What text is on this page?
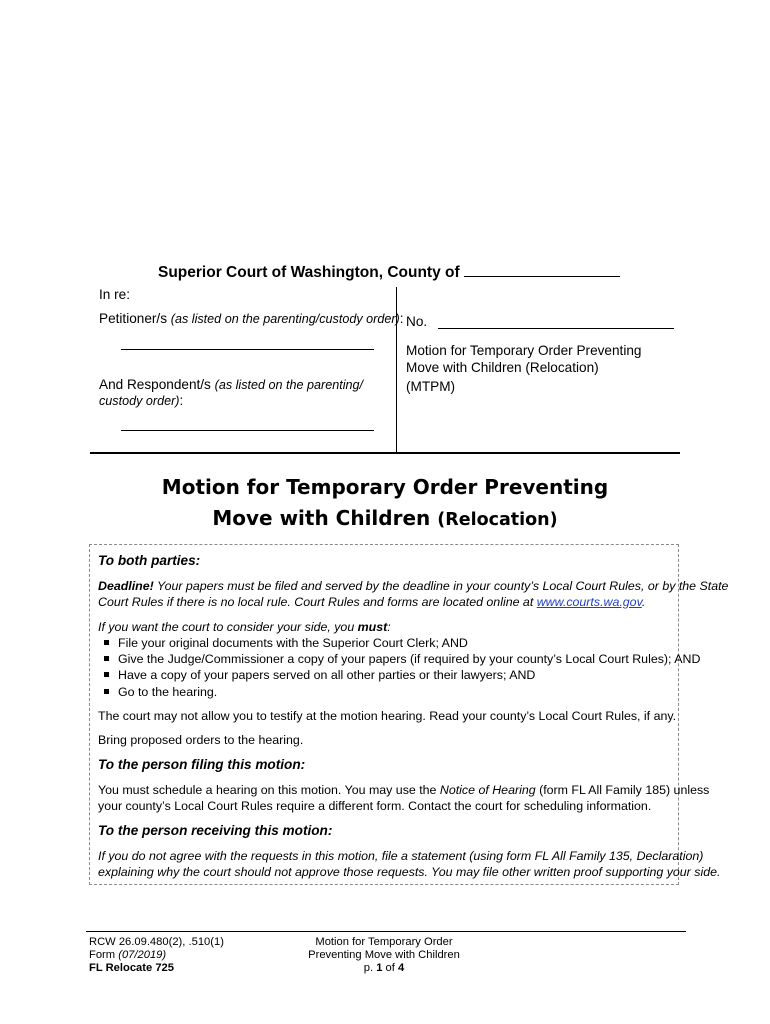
Superior Court of Washington, County of
In re:
Petitioner/s (as listed on the parenting/custody order):
And Respondent/s (as listed on the parenting/
custody order):
No.
Motion for Temporary Order Preventing
Move with Children (Relocation)
(MTPM)
Motion for Temporary Order Preventing
Move with Children (Relocation)
To both parties:
Deadline! Your papers must be filed and served by the deadline in your county’s Local Court Rules, or by the State
Court Rules if there is no local rule. Court Rules and forms are located online at www.courts.wa.gov.
If you want the court to consider your side, you must:
File your original documents with the Superior Court Clerk; AND
Give the Judge/Commissioner a copy of your papers (if required by your county’s Local Court Rules); AND
Have a copy of your papers served on all other parties or their lawyers; AND
Go to the hearing.
The court may not allow you to testify at the motion hearing. Read your county’s Local Court Rules, if any.
Bring proposed orders to the hearing.
To the person filing this motion:
You must schedule a hearing on this motion. You may use the Notice of Hearing (form FL All Family 185) unless
your county’s Local Court Rules require a different form. Contact the court for scheduling information.
To the person receiving this motion:
If you do not agree with the requests in this motion, file a statement (using form FL All Family 135, Declaration)
explaining why the court should not approve those requests. You may file other written proof supporting your side.
RCW 26.09.480(2), .510(1)
Form (07/2019)
FL Relocate 725
Motion for Temporary Order
Preventing Move with Children
p. 1 of 4
